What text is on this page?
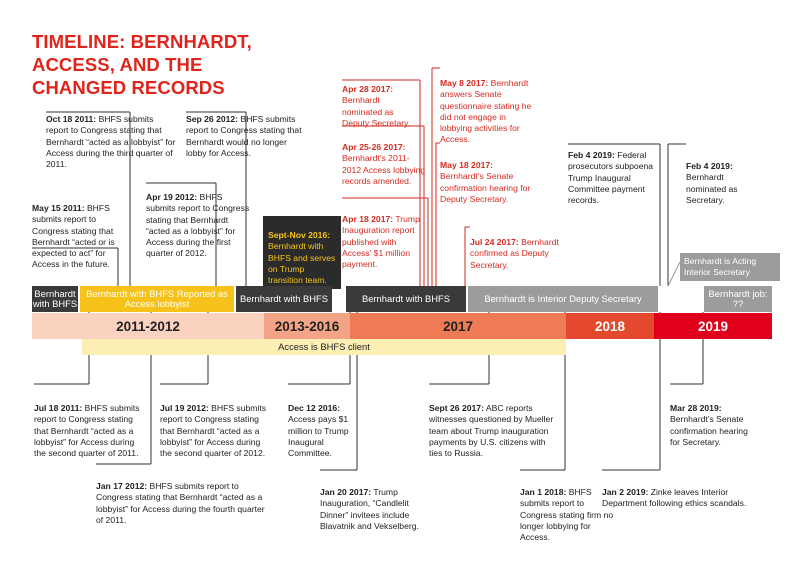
TIMELINE: BERNHARDT, ACCESS, AND THE CHANGED RECORDS

May 15 2011: BHFS submits report to Congress stating that Bernhardt “acted or is expected to act” for Access in the future.

Oct 18 2011: BHFS submits report to Congress stating that Bernhardt “acted as a lobbyist” for Access during the third quarter of 2011.

Apr 19 2012: BHFS submits report to Congress stating that Bernhardt “acted as a lobbyist” for Access during the first quarter of 2012.

Sep 26 2012: BHFS submits report to Congress stating that Bernhardt would no longer lobby for Access.

Sept-Nov 2016: Bernhardt with BHFS and serves on Trump transition team.

Apr 28 2017: Bernhardt nominated as Deputy Secretary.

Apr 25-26 2017: Bernhardt’s 2011-2012 Access lobbying records amended.

Apr 18 2017: Trump Inauguration report published with Access’ $1 million payment.

May 8 2017: Bernhardt answers Senate questionnaire stating he did not engage in lobbying activities for Access.

May 18 2017: Bernhardt’s Senate confirmation hearing for Deputy Secretary.

Jul 24 2017: Bernhardt confirmed as Deputy Secretary.

Feb 4 2019: Federal prosecutors subpoena Trump Inaugural Committee payment records.

Feb 4 2019: Bernhardt nominated as Secretary.

Bernhardt is Acting Interior Secretary
Bernhardt with BHFS
Bernhardt with BHFS Reported as Access lobbyist	Bernhardt with BHFS	Bernhardt with BHFS	Bernhardt is Interior Deputy Secretary	Bernhardt job: ??
2011-2012	2013-2016	2017	2018	2019
Access is BHFS client

Jul 18 2011: BHFS submits report to Congress stating that Bernhardt “acted as a lobbyist” for Access during the second quarter of 2011.

Jan 17 2012: BHFS submits report to Congress stating that Bernhardt “acted as a lobbyist” for Access during the fourth quarter of 2011.

Jul 19 2012: BHFS submits report to Congress stating that Bernhardt “acted as a lobbyist” for Access during the second quarter of 2012.

Dec 12 2016: Access pays $1 million to Trump Inaugural Committee.

Jan 20 2017: Trump Inauguration, “Candlelit Dinner” invitees include Blavatnik and Vekselberg.

Sept 26 2017: ABC reports witnesses questioned by Mueller team about Trump inauguration payments by U.S. citizens with ties to Russia.

Jan 1 2018: BHFS submits report to Congress stating firm no longer lobbying for Access.

Mar 28 2019: Bernhardt’s Senate confirmation hearing for Secretary.

Jan 2 2019: Zinke leaves Interior Department following ethics scandals.
